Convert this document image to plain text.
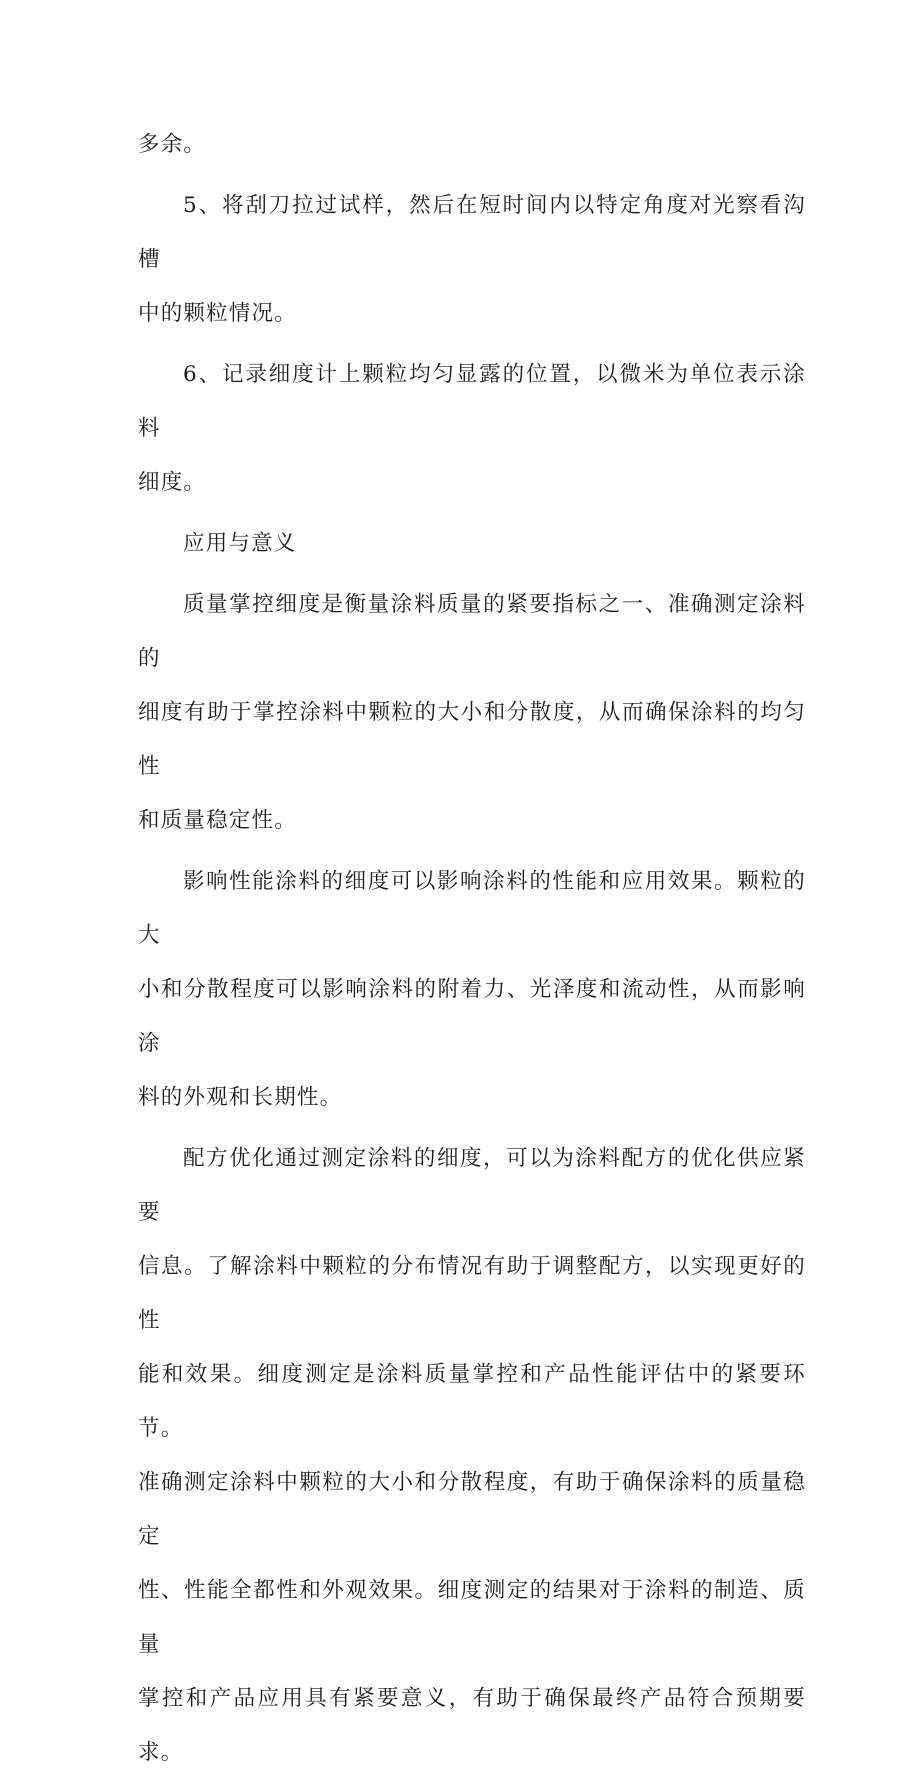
多余。

5、将刮刀拉过试样，然后在短时间内以特定角度对光察看沟槽
中的颗粒情况。

6、记录细度计上颗粒均匀显露的位置，以微米为单位表示涂料
细度。

应用与意义

质量掌控细度是衡量涂料质量的紧要指标之一、准确测定涂料的
细度有助于掌控涂料中颗粒的大小和分散度，从而确保涂料的均匀性
和质量稳定性。

影响性能涂料的细度可以影响涂料的性能和应用效果。颗粒的大
小和分散程度可以影响涂料的附着力、光泽度和流动性，从而影响涂
料的外观和长期性。

配方优化通过测定涂料的细度，可以为涂料配方的优化供应紧要
信息。了解涂料中颗粒的分布情况有助于调整配方，以实现更好的性
能和效果。细度测定是涂料质量掌控和产品性能评估中的紧要环节。
准确测定涂料中颗粒的大小和分散程度，有助于确保涂料的质量稳定
性、性能全都性和外观效果。细度测定的结果对于涂料的制造、质量
掌控和产品应用具有紧要意义，有助于确保最终产品符合预期要求。
